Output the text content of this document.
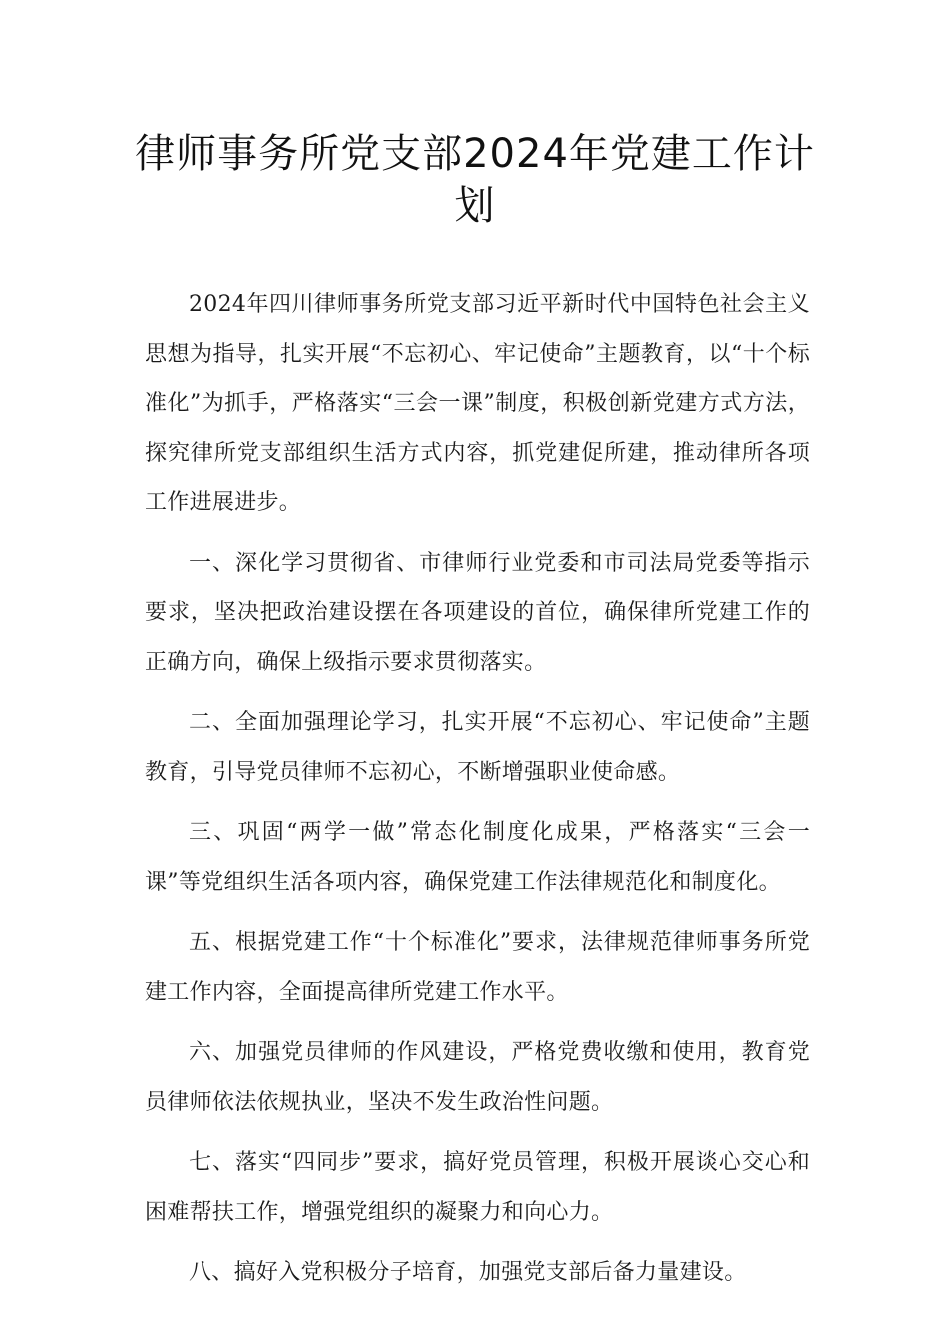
律师事务所党支部2024年党建工作计划

2024年四川律师事务所党支部习近平新时代中国特色社会主义思想为指导，扎实开展“不忘初心、牢记使命”主题教育，以“十个标准化”为抓手，严格落实“三会一课”制度，积极创新党建方式方法，探究律所党支部组织生活方式内容，抓党建促所建，推动律所各项工作进展进步。

一、深化学习贯彻省、市律师行业党委和市司法局党委等指示要求，坚决把政治建设摆在各项建设的首位，确保律所党建工作的正确方向，确保上级指示要求贯彻落实。

二、全面加强理论学习，扎实开展“不忘初心、牢记使命”主题教育，引导党员律师不忘初心，不断增强职业使命感。

三、巩固“两学一做”常态化制度化成果，严格落实“三会一课”等党组织生活各项内容，确保党建工作法律规范化和制度化。

五、根据党建工作“十个标准化”要求，法律规范律师事务所党建工作内容，全面提高律所党建工作水平。

六、加强党员律师的作风建设，严格党费收缴和使用，教育党员律师依法依规执业，坚决不发生政治性问题。

七、落实“四同步”要求，搞好党员管理，积极开展谈心交心和困难帮扶工作，增强党组织的凝聚力和向心力。

八、搞好入党积极分子培育，加强党支部后备力量建设。
